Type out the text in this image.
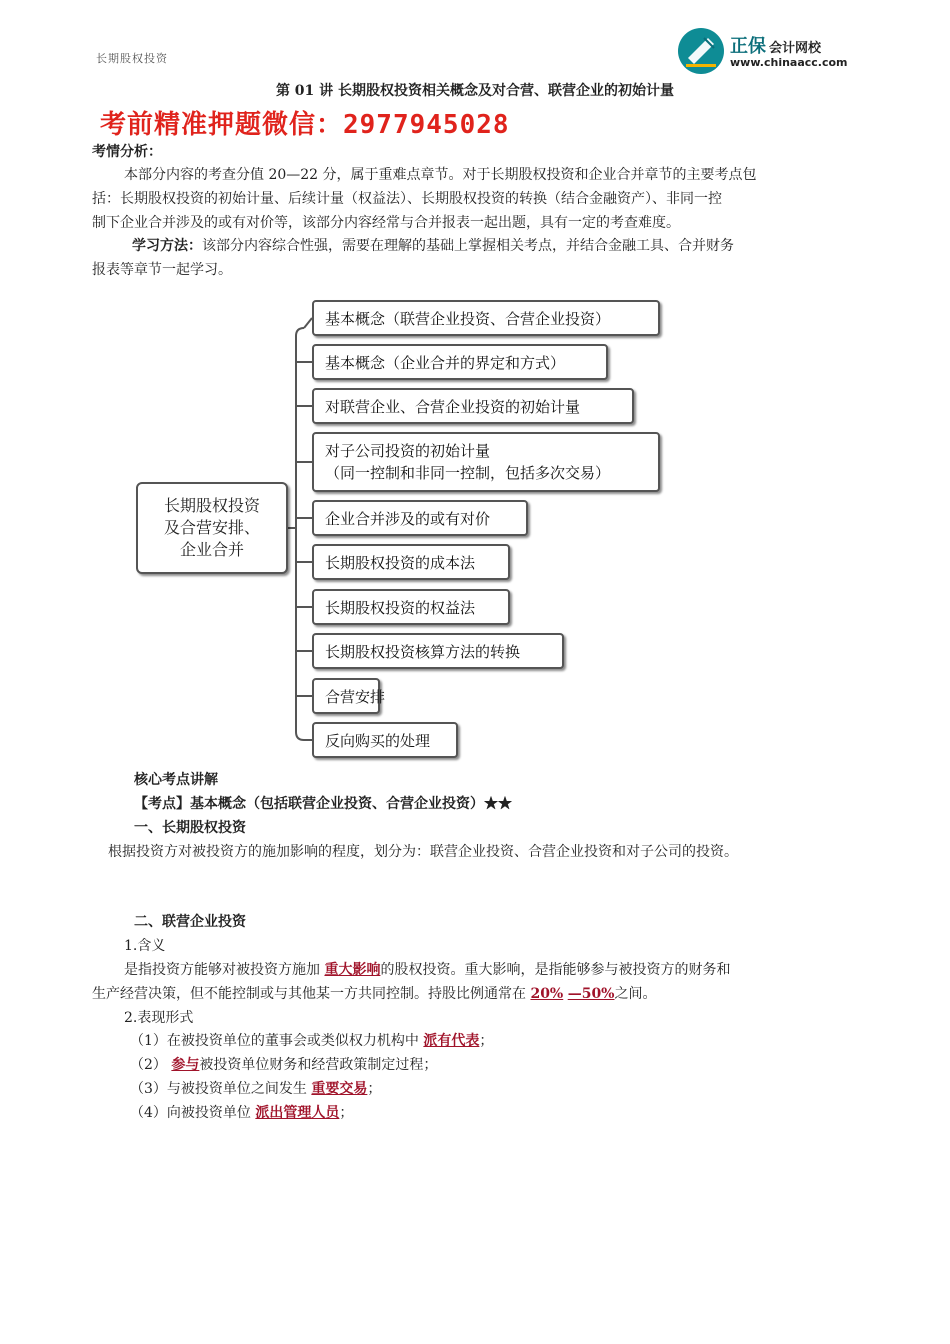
长期股权投资
正保 会计网校
www.chinaacc.com
第 01 讲 长期股权投资相关概念及对合营、联营企业的初始计量
考前精准押题微信：2977945028
考情分析：
本部分内容的考查分值 20—22 分，属于重难点章节。对于长期股权投资和企业合并章节的主要考点包
括：长期股权投资的初始计量、后续计量（权益法）、长期股权投资的转换（结合金融资产）、非同一控
制下企业合并涉及的或有对价等，该部分内容经常与合并报表一起出题，具有一定的考查难度。
学习方法：该部分内容综合性强，需要在理解的基础上掌握相关考点，并结合金融工具、合并财务
报表等章节一起学习。
长期股权投资
及合营安排、
企业合并
基本概念（联营企业投资、合营企业投资）
基本概念（企业合并的界定和方式）
对联营企业、合营企业投资的初始计量
对子公司投资的初始计量
（同一控制和非同一控制，包括多次交易）
企业合并涉及的或有对价
长期股权投资的成本法
长期股权投资的权益法
长期股权投资核算方法的转换
合营安排
反向购买的处理
核心考点讲解
【考点】基本概念（包括联营企业投资、合营企业投资）★★
一、长期股权投资
根据投资方对被投资方的施加影响的程度，划分为：联营企业投资、合营企业投资和对子公司的投资。
二、联营企业投资
1.含义
是指投资方能够对被投资方施加 重大影响的股权投资。重大影响，是指能够参与被投资方的财务和
生产经营决策，但不能控制或与其他某一方共同控制。持股比例通常在 20% —50%之间。
2.表现形式
（1）在被投资单位的董事会或类似权力机构中 派有代表；
（2） 参与被投资单位财务和经营政策制定过程；
（3）与被投资单位之间发生 重要交易；
（4）向被投资单位 派出管理人员；
